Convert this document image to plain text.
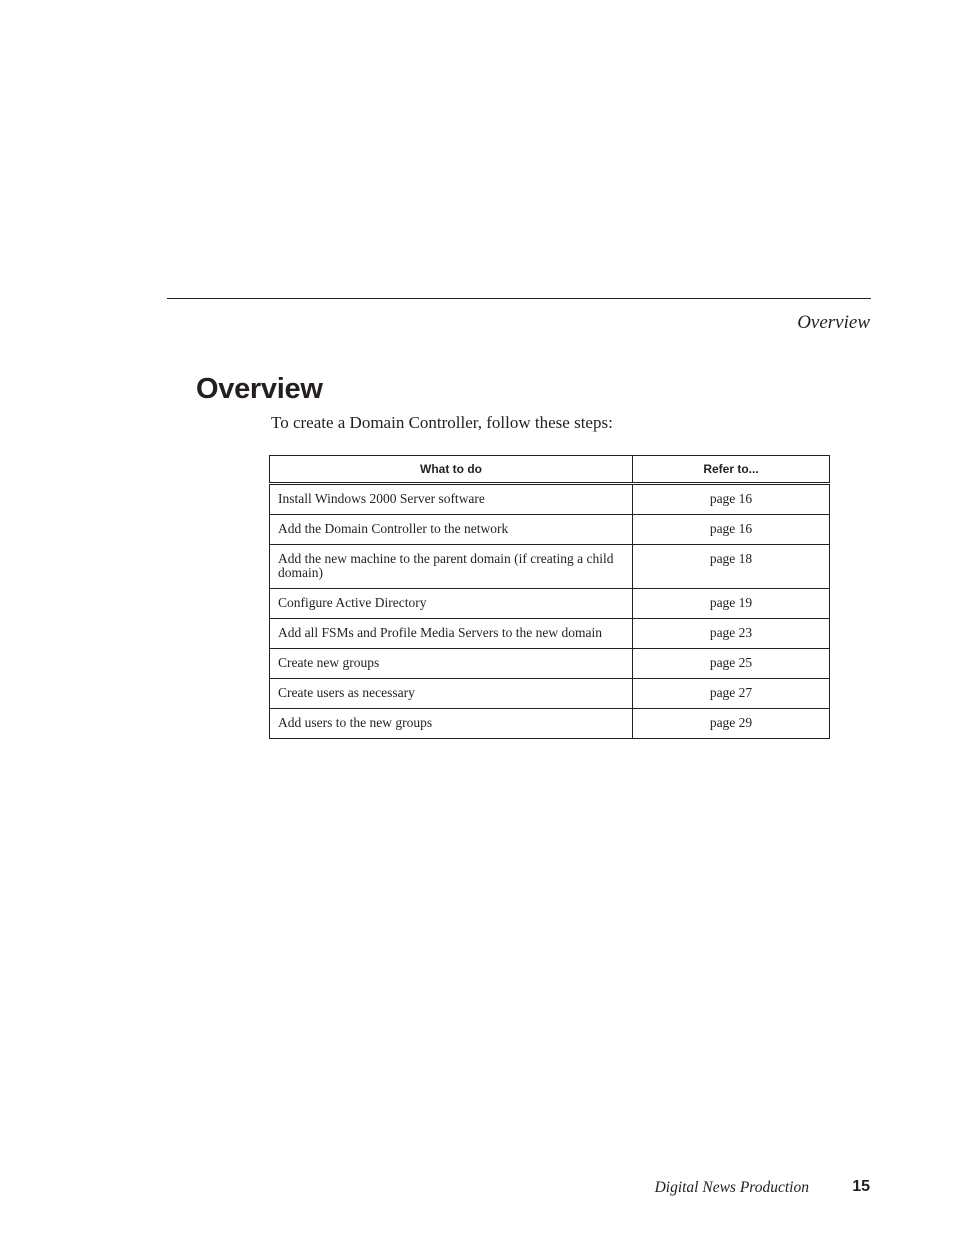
Overview
Overview

To create a Domain Controller, follow these steps:

What to do	Refer to...
Install Windows 2000 Server software	page 16
Add the Domain Controller to the network	page 16
Add the new machine to the parent domain (if creating a child domain)	page 18
Configure Active Directory	page 19
Add all FSMs and Profile Media Servers to the new domain	page 23
Create new groups	page 25
Create users as necessary	page 27
Add users to the new groups	page 29
Digital News Production	15
